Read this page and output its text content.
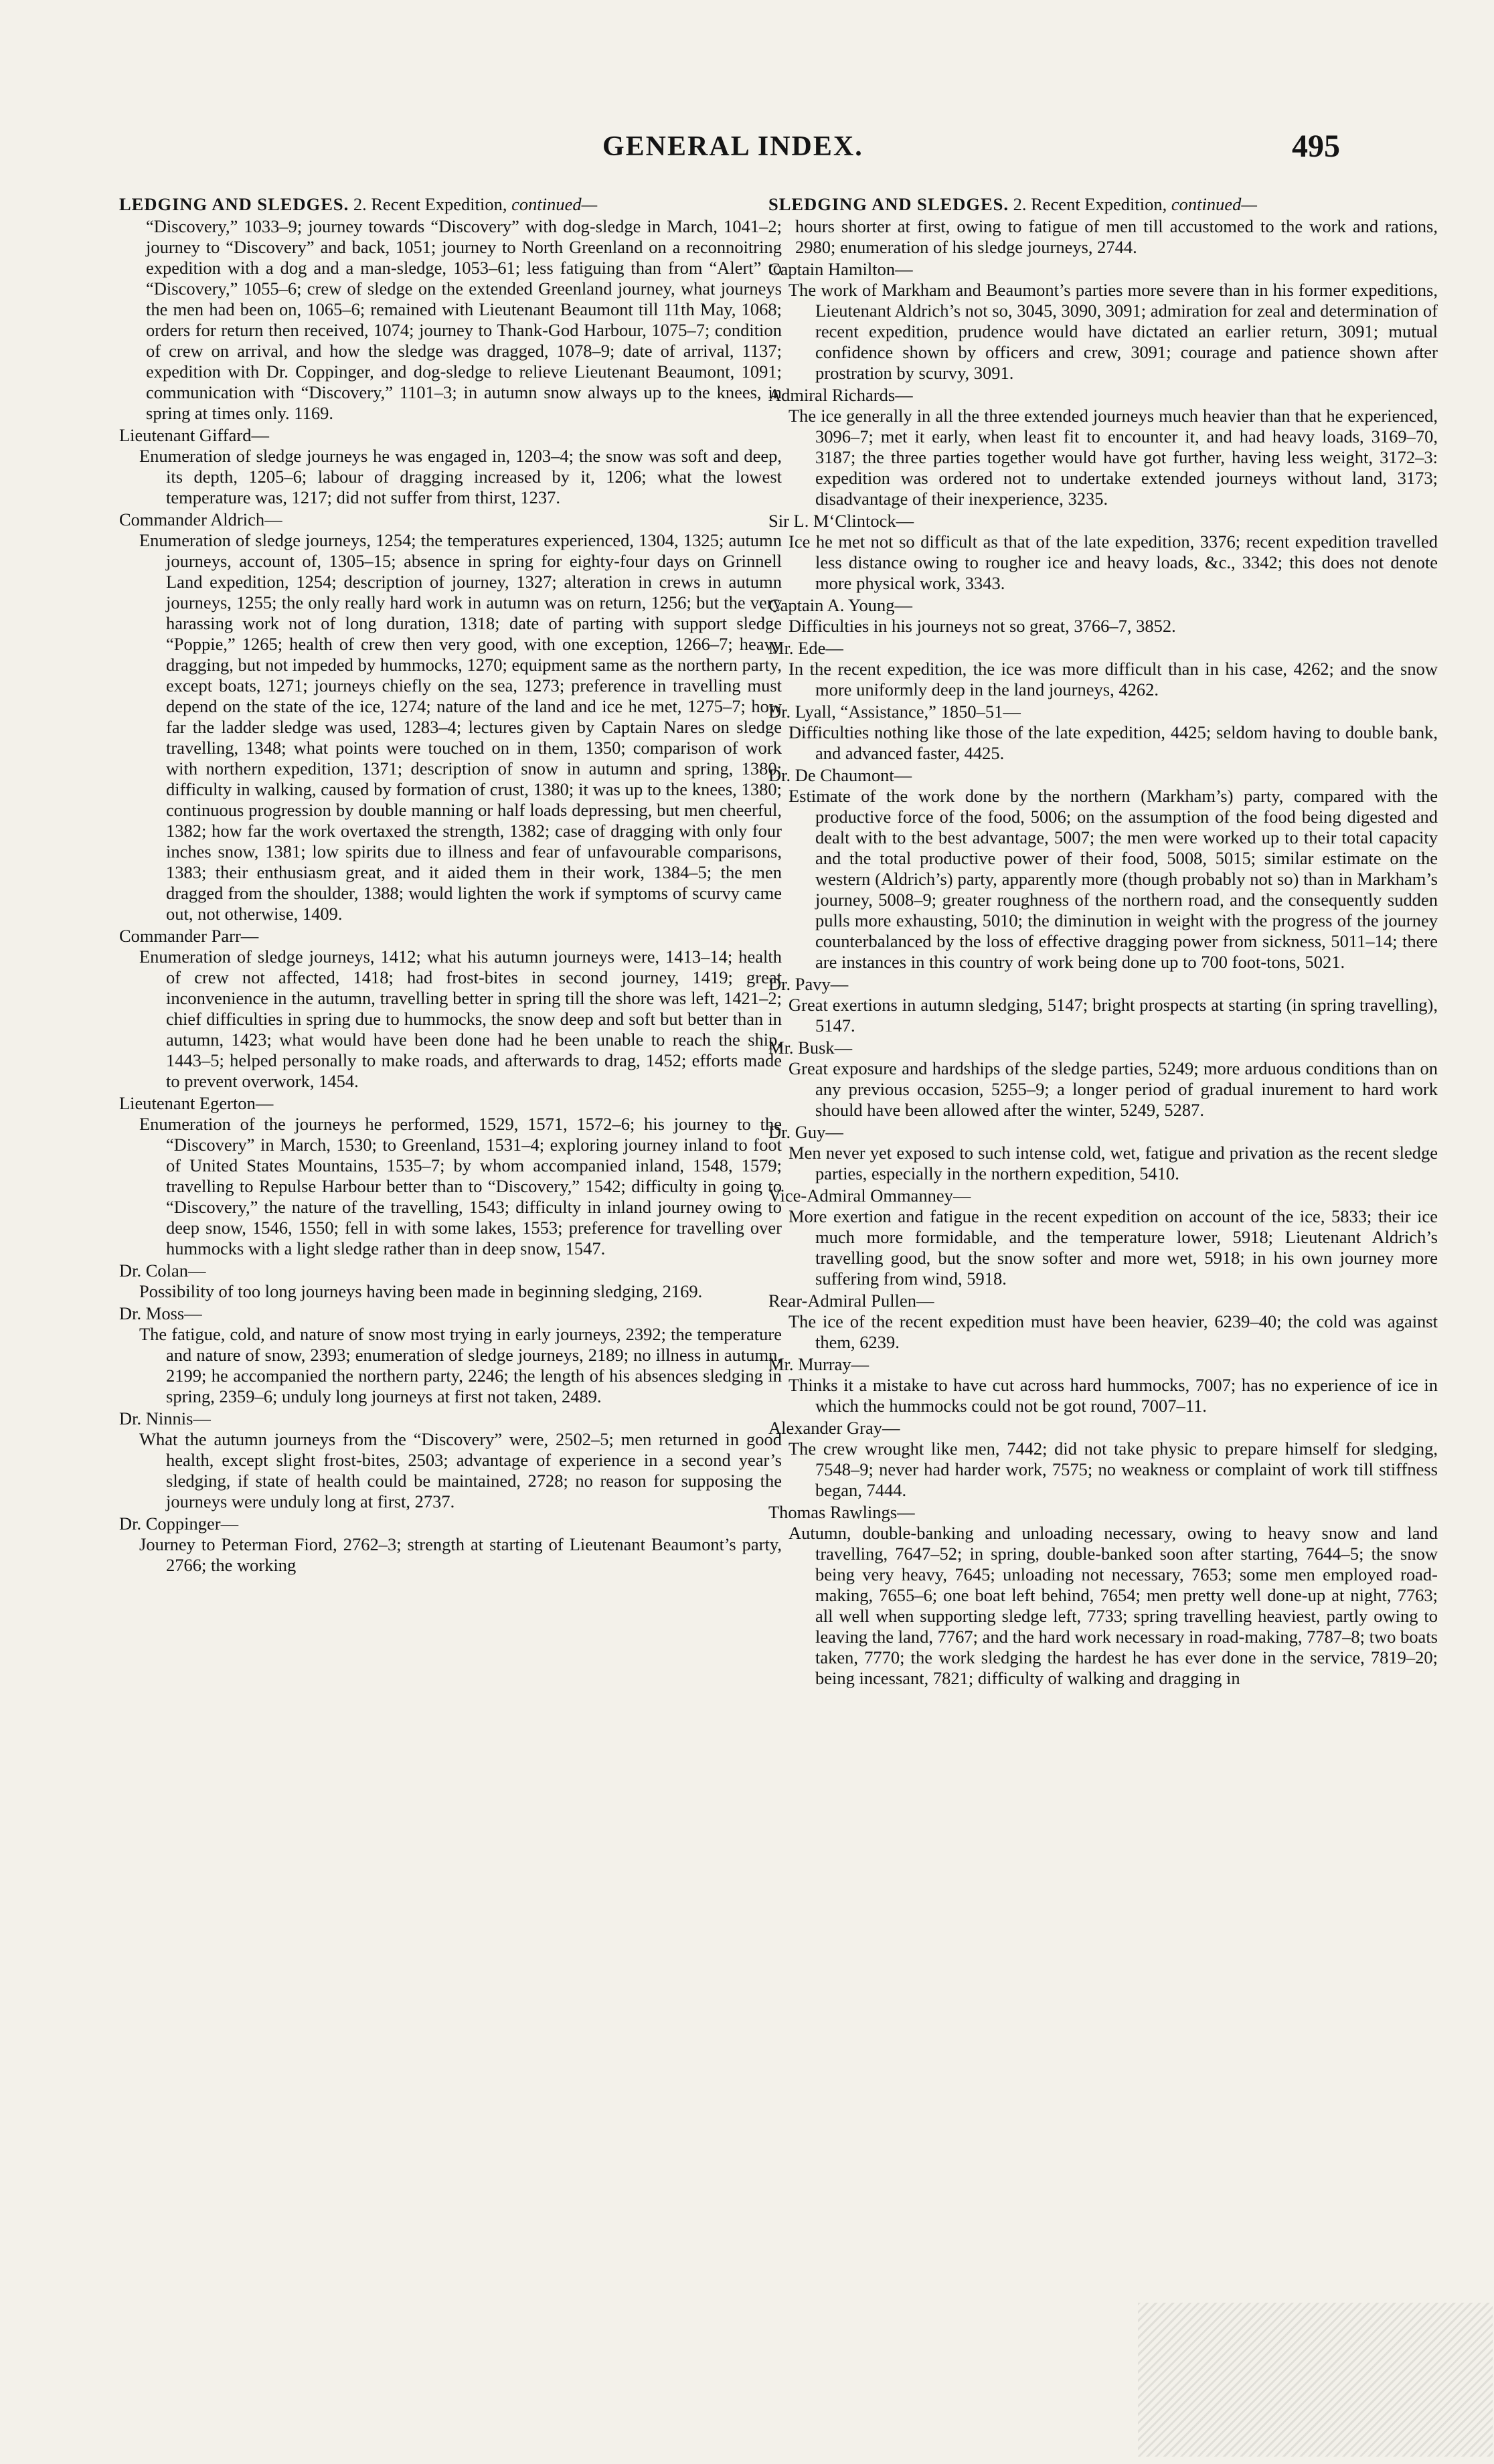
GENERAL INDEX.	495

LEDGING AND SLEDGES. 2. Recent Expedition, continued—

“Discovery,” 1033–9; journey towards “Discovery” with dog-sledge in March, 1041–2; journey to “Discovery” and back, 1051; journey to North Greenland on a reconnoitring expedition with a dog and a man-sledge, 1053–61; less fatiguing than from “Alert” to “Discovery,” 1055–6; crew of sledge on the extended Greenland journey, what journeys the men had been on, 1065–6; remained with Lieutenant Beaumont till 11th May, 1068; orders for return then received, 1074; journey to Thank-God Harbour, 1075–7; condition of crew on arrival, and how the sledge was dragged, 1078–9; date of arrival, 1137; expedition with Dr. Coppinger, and dog-sledge to relieve Lieutenant Beaumont, 1091; communication with “Discovery,” 1101–3; in autumn snow always up to the knees, in spring at times only. 1169.

Lieutenant Giffard—

Enumeration of sledge journeys he was engaged in, 1203–4; the snow was soft and deep, its depth, 1205–6; labour of dragging increased by it, 1206; what the lowest temperature was, 1217; did not suffer from thirst, 1237.

Commander Aldrich—

Enumeration of sledge journeys, 1254; the temperatures experienced, 1304, 1325; autumn journeys, account of, 1305–15; absence in spring for eighty-four days on Grinnell Land expedition, 1254; description of journey, 1327; alteration in crews in autumn journeys, 1255; the only really hard work in autumn was on return, 1256; but the very harassing work not of long duration, 1318; date of parting with support sledge “Poppie,” 1265; health of crew then very good, with one exception, 1266–7; heavy dragging, but not impeded by hummocks, 1270; equipment same as the northern party, except boats, 1271; journeys chiefly on the sea, 1273; preference in travelling must depend on the state of the ice, 1274; nature of the land and ice he met, 1275–7; how far the ladder sledge was used, 1283–4; lectures given by Captain Nares on sledge travelling, 1348; what points were touched on in them, 1350; comparison of work with northern expedition, 1371; description of snow in autumn and spring, 1380; difficulty in walking, caused by formation of crust, 1380; it was up to the knees, 1380; continuous progression by double manning or half loads depressing, but men cheerful, 1382; how far the work overtaxed the strength, 1382; case of dragging with only four inches snow, 1381; low spirits due to illness and fear of unfavourable comparisons, 1383; their enthusiasm great, and it aided them in their work, 1384–5; the men dragged from the shoulder, 1388; would lighten the work if symptoms of scurvy came out, not otherwise, 1409.

Commander Parr—

Enumeration of sledge journeys, 1412; what his autumn journeys were, 1413–14; health of crew not affected, 1418; had frost-bites in second journey, 1419; great inconvenience in the autumn, travelling better in spring till the shore was left, 1421–2; chief difficulties in spring due to hummocks, the snow deep and soft but better than in autumn, 1423; what would have been done had he been unable to reach the ship, 1443–5; helped personally to make roads, and afterwards to drag, 1452; efforts made to prevent overwork, 1454.

Lieutenant Egerton—

Enumeration of the journeys he performed, 1529, 1571, 1572–6; his journey to the “Discovery” in March, 1530; to Greenland, 1531–4; exploring journey inland to foot of United States Mountains, 1535–7; by whom accompanied inland, 1548, 1579; travelling to Repulse Harbour better than to “Discovery,” 1542; difficulty in going to “Discovery,” the nature of the travelling, 1543; difficulty in inland journey owing to deep snow, 1546, 1550; fell in with some lakes, 1553; preference for travelling over hummocks with a light sledge rather than in deep snow, 1547.

Dr. Colan—

Possibility of too long journeys having been made in beginning sledging, 2169.

Dr. Moss—

The fatigue, cold, and nature of snow most trying in early journeys, 2392; the temperature and nature of snow, 2393; enumeration of sledge journeys, 2189; no illness in autumn, 2199; he accompanied the northern party, 2246; the length of his absences sledging in spring, 2359–6; unduly long journeys at first not taken, 2489.

Dr. Ninnis—

What the autumn journeys from the “Discovery” were, 2502–5; men returned in good health, except slight frost-bites, 2503; advantage of experience in a second year’s sledging, if state of health could be maintained, 2728; no reason for supposing the journeys were unduly long at first, 2737.

Dr. Coppinger—

Journey to Peterman Fiord, 2762–3; strength at starting of Lieutenant Beaumont’s party, 2766; the working

SLEDGING AND SLEDGES. 2. Recent Expedition, continued—

hours shorter at first, owing to fatigue of men till accustomed to the work and rations, 2980; enumeration of his sledge journeys, 2744.

Captain Hamilton—

The work of Markham and Beaumont’s parties more severe than in his former expeditions, Lieutenant Aldrich’s not so, 3045, 3090, 3091; admiration for zeal and determination of recent expedition, prudence would have dictated an earlier return, 3091; mutual confidence shown by officers and crew, 3091; courage and patience shown after prostration by scurvy, 3091.

Admiral Richards—

The ice generally in all the three extended journeys much heavier than that he experienced, 3096–7; met it early, when least fit to encounter it, and had heavy loads, 3169–70, 3187; the three parties together would have got further, having less weight, 3172–3: expedition was ordered not to undertake extended journeys without land, 3173; disadvantage of their inexperience, 3235.

Sir L. M‘Clintock—

Ice he met not so difficult as that of the late expedition, 3376; recent expedition travelled less distance owing to rougher ice and heavy loads, &c., 3342; this does not denote more physical work, 3343.

Captain A. Young—

Difficulties in his journeys not so great, 3766–7, 3852.

Mr. Ede—

In the recent expedition, the ice was more difficult than in his case, 4262; and the snow more uniformly deep in the land journeys, 4262.

Dr. Lyall, “Assistance,” 1850–51—

Difficulties nothing like those of the late expedition, 4425; seldom having to double bank, and advanced faster, 4425.

Dr. De Chaumont—

Estimate of the work done by the northern (Markham’s) party, compared with the productive force of the food, 5006; on the assumption of the food being digested and dealt with to the best advantage, 5007; the men were worked up to their total capacity and the total productive power of their food, 5008, 5015; similar estimate on the western (Aldrich’s) party, apparently more (though probably not so) than in Markham’s journey, 5008–9; greater roughness of the northern road, and the consequently sudden pulls more exhausting, 5010; the diminution in weight with the progress of the journey counterbalanced by the loss of effective dragging power from sickness, 5011–14; there are instances in this country of work being done up to 700 foot-tons, 5021.

Dr. Pavy—

Great exertions in autumn sledging, 5147; bright prospects at starting (in spring travelling), 5147.

Mr. Busk—

Great exposure and hardships of the sledge parties, 5249; more arduous conditions than on any previous occasion, 5255–9; a longer period of gradual inurement to hard work should have been allowed after the winter, 5249, 5287.

Dr. Guy—

Men never yet exposed to such intense cold, wet, fatigue and privation as the recent sledge parties, especially in the northern expedition, 5410.

Vice-Admiral Ommanney—

More exertion and fatigue in the recent expedition on account of the ice, 5833; their ice much more formidable, and the temperature lower, 5918; Lieutenant Aldrich’s travelling good, but the snow softer and more wet, 5918; in his own journey more suffering from wind, 5918.

Rear-Admiral Pullen—

The ice of the recent expedition must have been heavier, 6239–40; the cold was against them, 6239.

Mr. Murray—

Thinks it a mistake to have cut across hard hummocks, 7007; has no experience of ice in which the hummocks could not be got round, 7007–11.

Alexander Gray—

The crew wrought like men, 7442; did not take physic to prepare himself for sledging, 7548–9; never had harder work, 7575; no weakness or complaint of work till stiffness began, 7444.

Thomas Rawlings—

Autumn, double-banking and unloading necessary, owing to heavy snow and land travelling, 7647–52; in spring, double-banked soon after starting, 7644–5; the snow being very heavy, 7645; unloading not necessary, 7653; some men employed road-making, 7655–6; one boat left behind, 7654; men pretty well done-up at night, 7763; all well when supporting sledge left, 7733; spring travelling heaviest, partly owing to leaving the land, 7767; and the hard work necessary in road-making, 7787–8; two boats taken, 7770; the work sledging the hardest he has ever done in the service, 7819–20; being incessant, 7821; difficulty of walking and dragging in
